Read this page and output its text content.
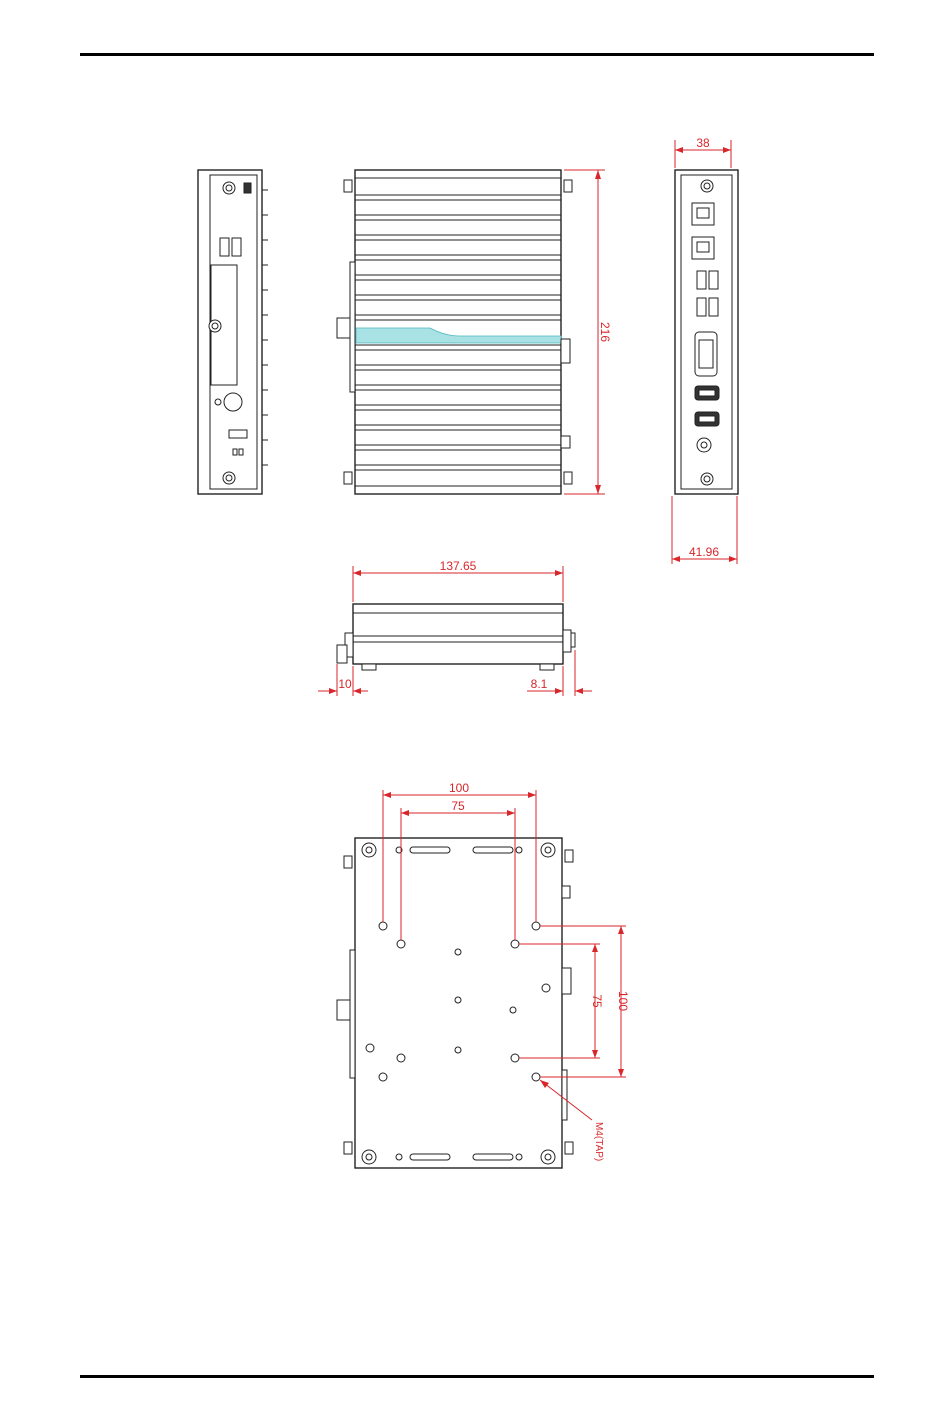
216
38
41.96
137.65
10	8.1
100
75
75 100
M4(TAP)
